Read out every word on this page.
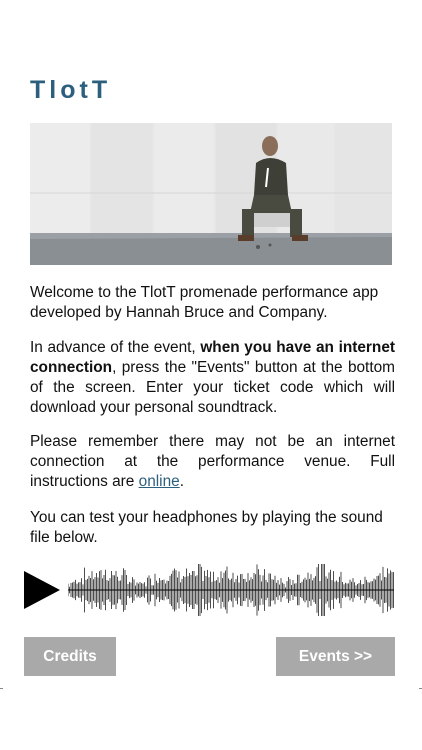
TlotT

Welcome to the TlotT promenade performance app developed by Hannah Bruce and Company.

In advance of the event, when you have an internet connection, press the "Events" button at the bottom of the screen. Enter your ticket code which will download your personal soundtrack.

Please remember there may not be an internet connection at the performance venue. Full instructions are online.

You can test your headphones by playing the sound file below.

Credits	Events >>
